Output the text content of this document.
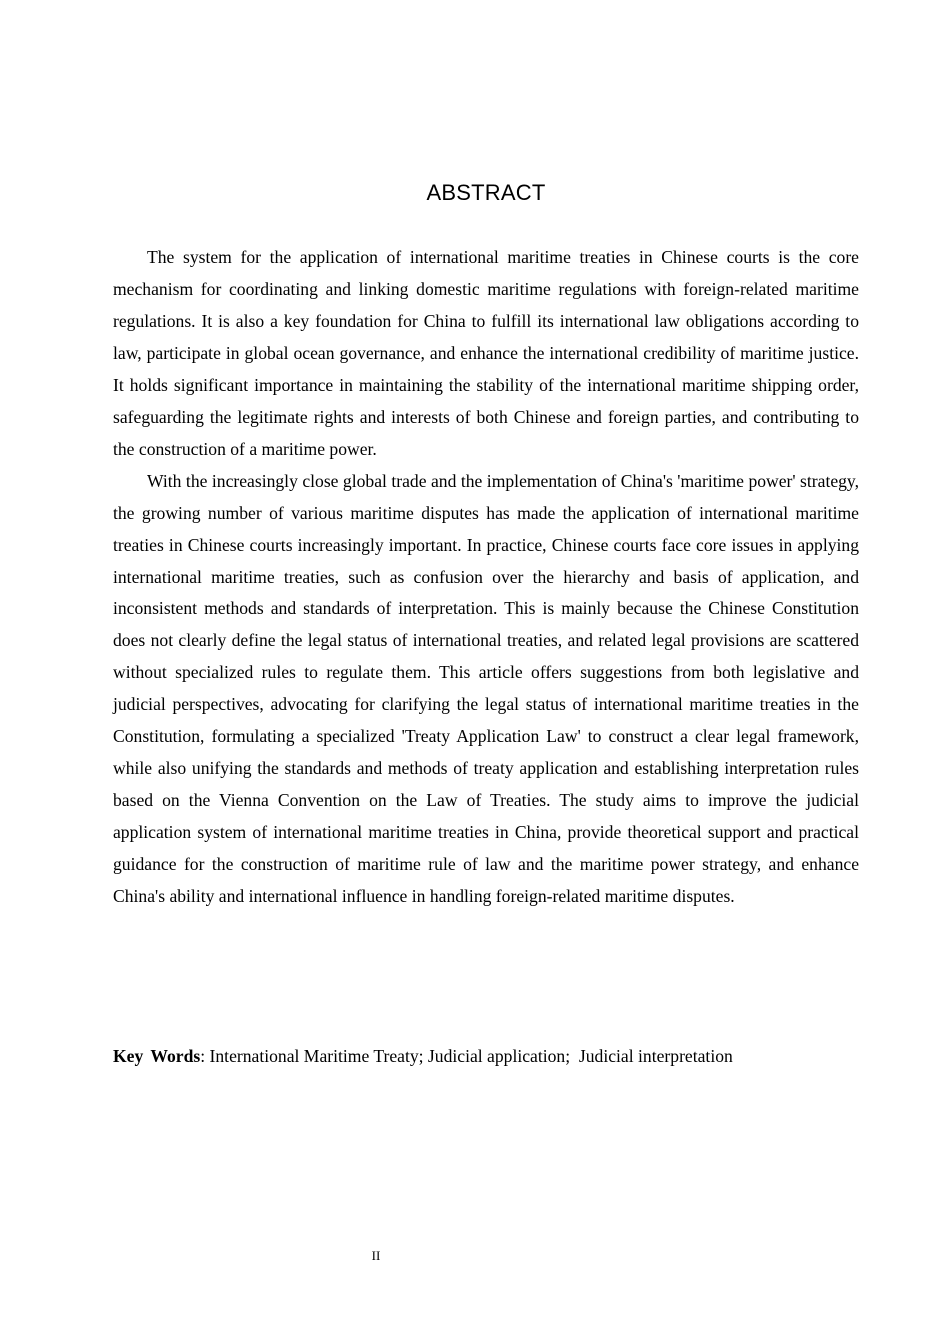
ABSTRACT

The system for the application of international maritime treaties in Chinese courts is the core mechanism for coordinating and linking domestic maritime regulations with foreign-related maritime regulations. It is also a key foundation for China to fulfill its international law obligations according to law, participate in global ocean governance, and enhance the international credibility of maritime justice. It holds significant importance in maintaining the stability of the international maritime shipping order, safeguarding the legitimate rights and interests of both Chinese and foreign parties, and contributing to the construction of a maritime power.

With the increasingly close global trade and the implementation of China's 'maritime power' strategy, the growing number of various maritime disputes has made the application of international maritime treaties in Chinese courts increasingly important. In practice, Chinese courts face core issues in applying international maritime treaties, such as confusion over the hierarchy and basis of application, and inconsistent methods and standards of interpretation. This is mainly because the Chinese Constitution does not clearly define the legal status of international treaties, and related legal provisions are scattered without specialized rules to regulate them. This article offers suggestions from both legislative and judicial perspectives, advocating for clarifying the legal status of international maritime treaties in the Constitution, formulating a specialized 'Treaty Application Law' to construct a clear legal framework, while also unifying the standards and methods of treaty application and establishing interpretation rules based on the Vienna Convention on the Law of Treaties. The study aims to improve the judicial application system of international maritime treaties in China, provide theoretical support and practical guidance for the construction of maritime rule of law and the maritime power strategy, and enhance China's ability and international influence in handling foreign-related maritime disputes.

Key Words: International Maritime Treaty; Judicial application;  Judicial interpretation
II
